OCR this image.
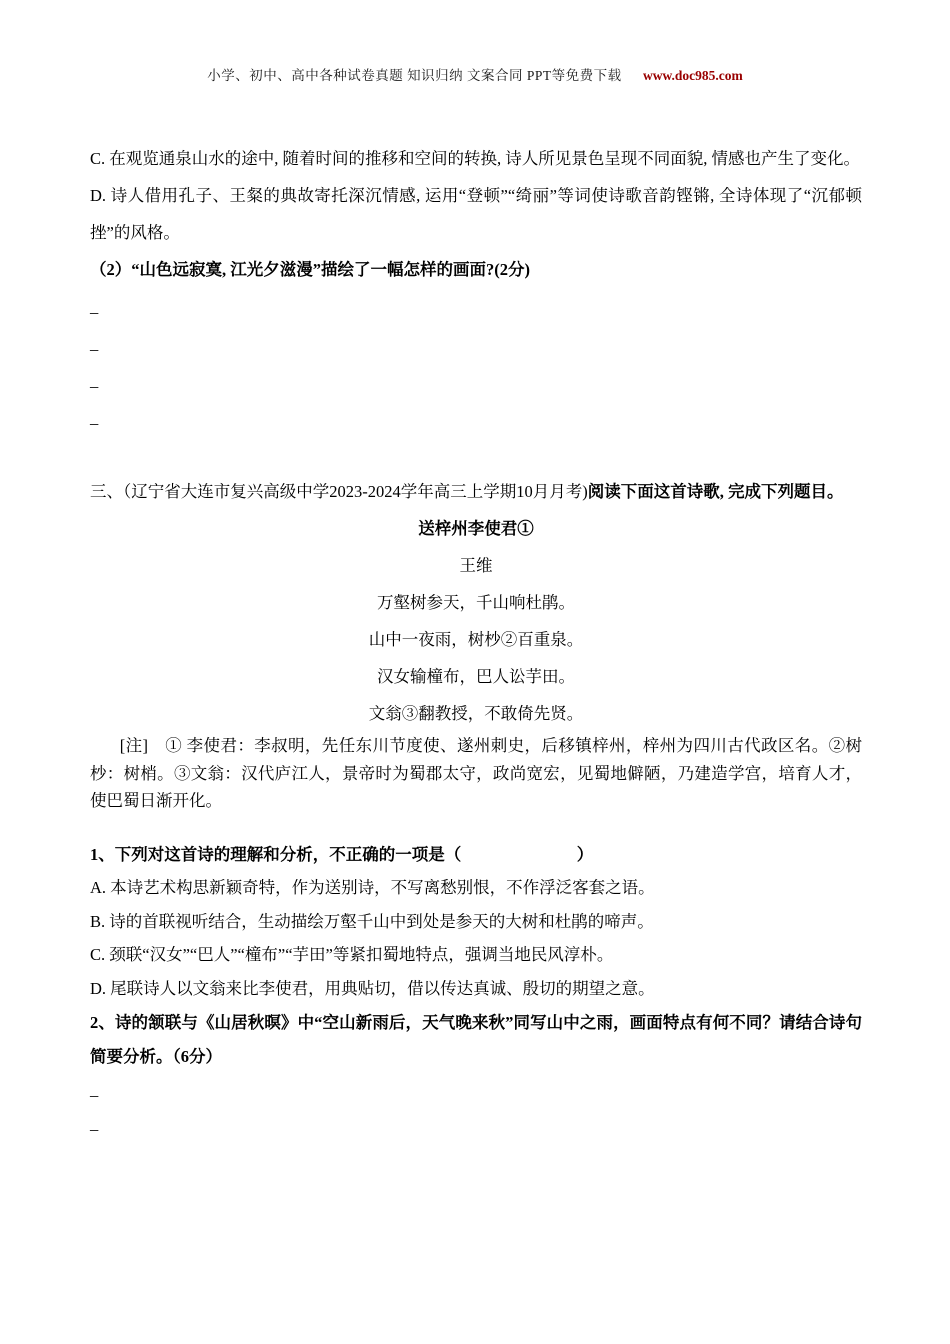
小学、初中、高中各种试卷真题 知识归纳 文案合同 PPT等免费下载 www.doc985.com

C. 在观览通泉山水的途中, 随着时间的推移和空间的转换, 诗人所见景色呈现不同面貌, 情感也产生了变化。

D. 诗人借用孔子、王粲的典故寄托深沉情感, 运用“登顿”“绮丽”等词使诗歌音韵铿锵, 全诗体现了“沉郁顿挫”的风格。

（2）“山色远寂寞, 江光夕滋漫”描绘了一幅怎样的画面?(2分)

_

_

_

_

三、（辽宁省大连市复兴高级中学2023-2024学年高三上学期10月月考)阅读下面这首诗歌, 完成下列题目。

送梓州李使君①

王维

万壑树参天，千山响杜鹃。

山中一夜雨，树杪②百重泉。

汉女输橦布，巴人讼芋田。

文翁③翻教授，不敢倚先贤。

[注]　① 李使君：李叔明，先任东川节度使、遂州刺史，后移镇梓州，梓州为四川古代政区名。②树杪：树梢。③文翁：汉代庐江人，景帝时为蜀郡太守，政尚宽宏，见蜀地僻陋，乃建造学宫，培育人才，使巴蜀日渐开化。

1、下列对这首诗的理解和分析，不正确的一项是（　　　　　　　）

A. 本诗艺术构思新颖奇特，作为送别诗，不写离愁别恨，不作浮泛客套之语。

B. 诗的首联视听结合，生动描绘万壑千山中到处是参天的大树和杜鹃的啼声。

C. 颈联“汉女”“巴人”“橦布”“芋田”等紧扣蜀地特点，强调当地民风淳朴。

D. 尾联诗人以文翁来比李使君，用典贴切，借以传达真诚、殷切的期望之意。

2、诗的颔联与《山居秋暝》中“空山新雨后，天气晚来秋”同写山中之雨，画面特点有何不同？请结合诗句简要分析。（6分）

_

_
